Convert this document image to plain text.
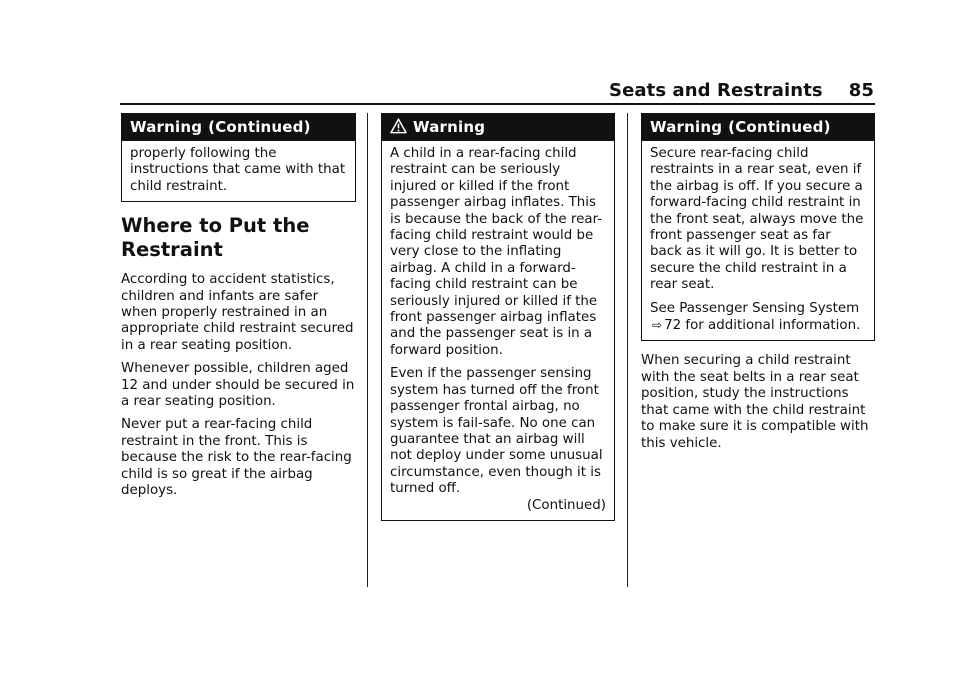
Seats and Restraints 85
Warning (Continued)

properly following the instructions that came with that child restraint.

Where to Put the Restraint

According to accident statistics, children and infants are safer when properly restrained in an appropriate child restraint secured in a rear seating position.

Whenever possible, children aged 12 and under should be secured in a rear seating position.

Never put a rear-facing child restraint in the front. This is because the risk to the rear-facing child is so great if the airbag deploys.

Warning

A child in a rear-facing child restraint can be seriously injured or killed if the front passenger airbag inflates. This is because the back of the rear-facing child restraint would be very close to the inflating airbag. A child in a forward-facing child restraint can be seriously injured or killed if the front passenger airbag inflates and the passenger seat is in a forward position.

Even if the passenger sensing system has turned off the front passenger frontal airbag, no system is fail-safe. No one can guarantee that an airbag will not deploy under some unusual circumstance, even though it is turned off.

(Continued)
Warning (Continued)

Secure rear-facing child restraints in a rear seat, even if the airbag is off. If you secure a forward-facing child restraint in the front seat, always move the front passenger seat as far back as it will go. It is better to secure the child restraint in a rear seat.

See Passenger Sensing System ⇨ 72 for additional information.

When securing a child restraint with the seat belts in a rear seat position, study the instructions that came with the child restraint to make sure it is compatible with this vehicle.
